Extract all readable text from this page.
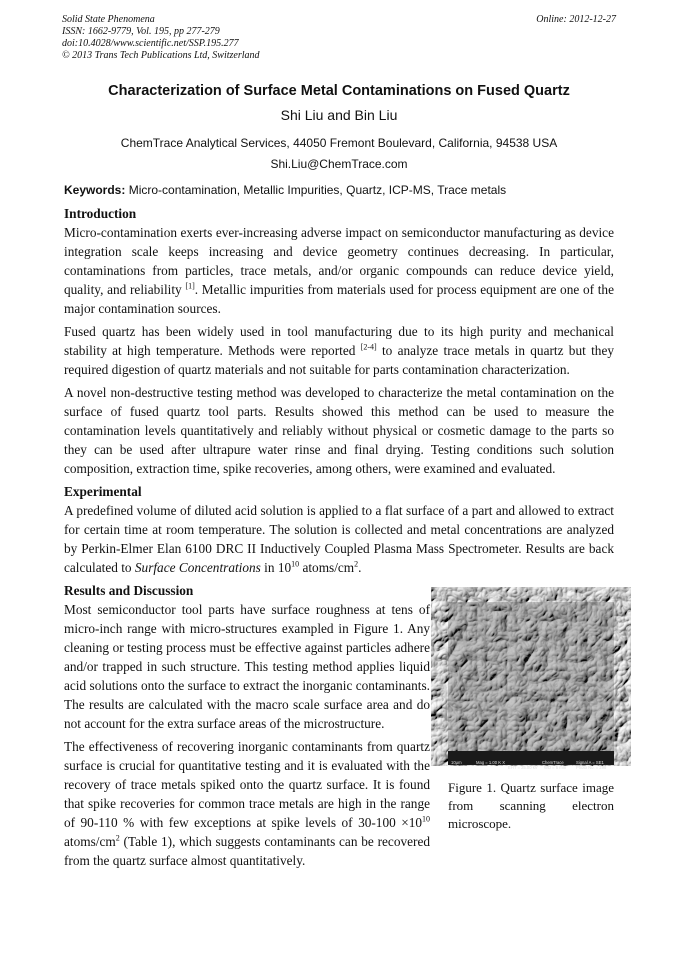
Solid State Phenomena
ISSN: 1662-9779, Vol. 195, pp 277-279
doi:10.4028/www.scientific.net/SSP.195.277
© 2013 Trans Tech Publications Ltd, Switzerland
Online: 2012-12-27
Characterization of Surface Metal Contaminations on Fused Quartz
Shi Liu and Bin Liu
ChemTrace Analytical Services, 44050 Fremont Boulevard, California, 94538 USA
Shi.Liu@ChemTrace.com
Keywords: Micro-contamination, Metallic Impurities, Quartz, ICP-MS, Trace metals
Introduction

Micro-contamination exerts ever-increasing adverse impact on semiconductor manufacturing as device integration scale keeps increasing and device geometry continues decreasing. In particular, contaminations from particles, trace metals, and/or organic compounds can reduce device yield, quality, and reliability [1]. Metallic impurities from materials used for process equipment are one of the major contamination sources.

Fused quartz has been widely used in tool manufacturing due to its high purity and mechanical stability at high temperature. Methods were reported [2-4] to analyze trace metals in quartz but they required digestion of quartz materials and not suitable for parts contamination characterization.

A novel non-destructive testing method was developed to characterize the metal contamination on the surface of fused quartz tool parts. Results showed this method can be used to measure the contamination levels quantitatively and reliably without physical or cosmetic damage to the parts so they can be used after ultrapure water rinse and final drying. Testing conditions such solution composition, extraction time, spike recoveries, among others, were examined and evaluated.

Experimental

A predefined volume of diluted acid solution is applied to a flat surface of a part and allowed to extract for certain time at room temperature. The solution is collected and metal concentrations are analyzed by Perkin-Elmer Elan 6100 DRC II Inductively Coupled Plasma Mass Spectrometer. Results are back calculated to Surface Concentrations in $10^{10}$ atoms/$cm^2$.

Results and Discussion
10μm	Mag = 1.00 K X
EHT = 25.00 kV
ChemTrace
WD = 5 mm
Signal A = SE1
Photo No. = 298
Figure 1. Quartz surface image from scanning electron microscope.

Most semiconductor tool parts have surface roughness at tens of micro-inch range with micro-structures exampled in Figure 1. Any cleaning or testing process must be effective against particles adhere and/or trapped in such structure. This testing method applies liquid acid solutions onto the surface to extract the inorganic contaminants. The results are calculated with the macro scale surface area and do not account for the extra surface areas of the microstructure.

The effectiveness of recovering inorganic contaminants from quartz surface is crucial for quantitative testing and it is evaluated with the recovery of trace metals spiked onto the quartz surface. It is found that spike recoveries for common trace metals are high in the range of 90-110 % with few exceptions at spike levels of $30-100 \times 10^{10}$ atoms/$cm^2$ (Table 1), which suggests contaminants can be recovered from the quartz surface almost quantitatively.
